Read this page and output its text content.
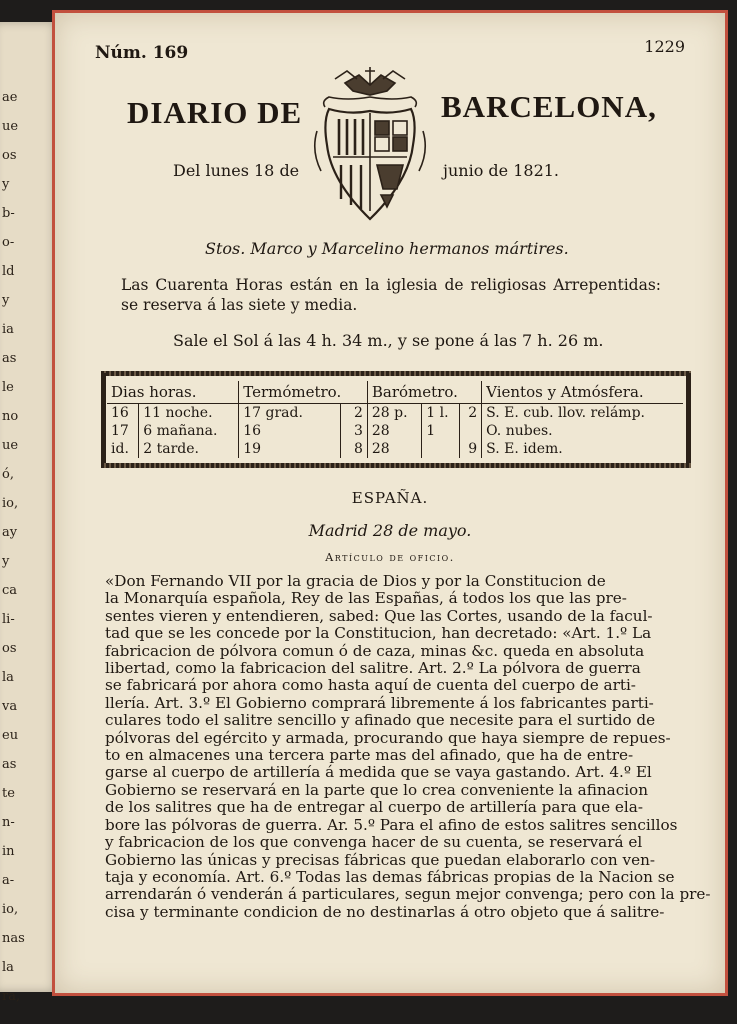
ae
ue
os
y
b-
o-
ld
y
ia
as
le
no
ue
ó,
io,
ay
y
ca
li-
os
la
va
eu
as
te
n-
in
a-
io,
nas
la
ra,
Núm. 169	1229
DIARIO DE	BARCELONA,
Del lunes 18 de	junio de 1821.
Stos. Marco y Marcelino hermanos mártires.
Las Cuarenta Horas están en la iglesia de religiosas Arrepentidas: se reserva á las siete y media.
Sale el Sol á las 4 h. 34 m., y se pone á las 7 h. 26 m.
Dias horas.		Termómetro.		Barómetro.			Vientos y Atmósfera.
16	11 noche.	17 grad.	2	28 p.	1 l.	2	S. E. cub. llov. relámp.
17	6 mañana.	16	3	28	1		O. nubes.
id.	2 tarde.	19	8	28		9	S. E. idem.
ESPAÑA.
Madrid 28 de mayo.
Artículo de oficio.
«Don Fernando VII por la gracia de Dios y por la Constitucion de
la Monarquía española, Rey de las Españas, á todos los que las pre-
sentes vieren y entendieren, sabed: Que las Cortes, usando de la facul-
tad que se les concede por la Constitucion, han decretado: «Art. 1.º La
fabricacion de pólvora comun ó de caza, minas &c. queda en absoluta
libertad, como la fabricacion del salitre. Art. 2.º La pólvora de guerra
se fabricará por ahora como hasta aquí de cuenta del cuerpo de arti-
llería. Art. 3.º El Gobierno comprará libremente á los fabricantes parti-
culares todo el salitre sencillo y afinado que necesite para el surtido de
pólvoras del egército y armada, procurando que haya siempre de repues-
to en almacenes una tercera parte mas del afinado, que ha de entre-
garse al cuerpo de artillería á medida que se vaya gastando. Art. 4.º El
Gobierno se reservará en la parte que lo crea conveniente la afinacion
de los salitres que ha de entregar al cuerpo de artillería para que ela-
bore las pólvoras de guerra. Ar. 5.º Para el afino de estos salitres sencillos
y fabricacion de los que convenga hacer de su cuenta, se reservará el
Gobierno las únicas y precisas fábricas que puedan elaborarlo con ven-
taja y economía. Art. 6.º Todas las demas fábricas propias de la Nacion se
arrendarán ó venderán á particulares, segun mejor convenga; pero con la pre-
cisa y terminante condicion de no destinarlas á otro objeto que á salitre-
